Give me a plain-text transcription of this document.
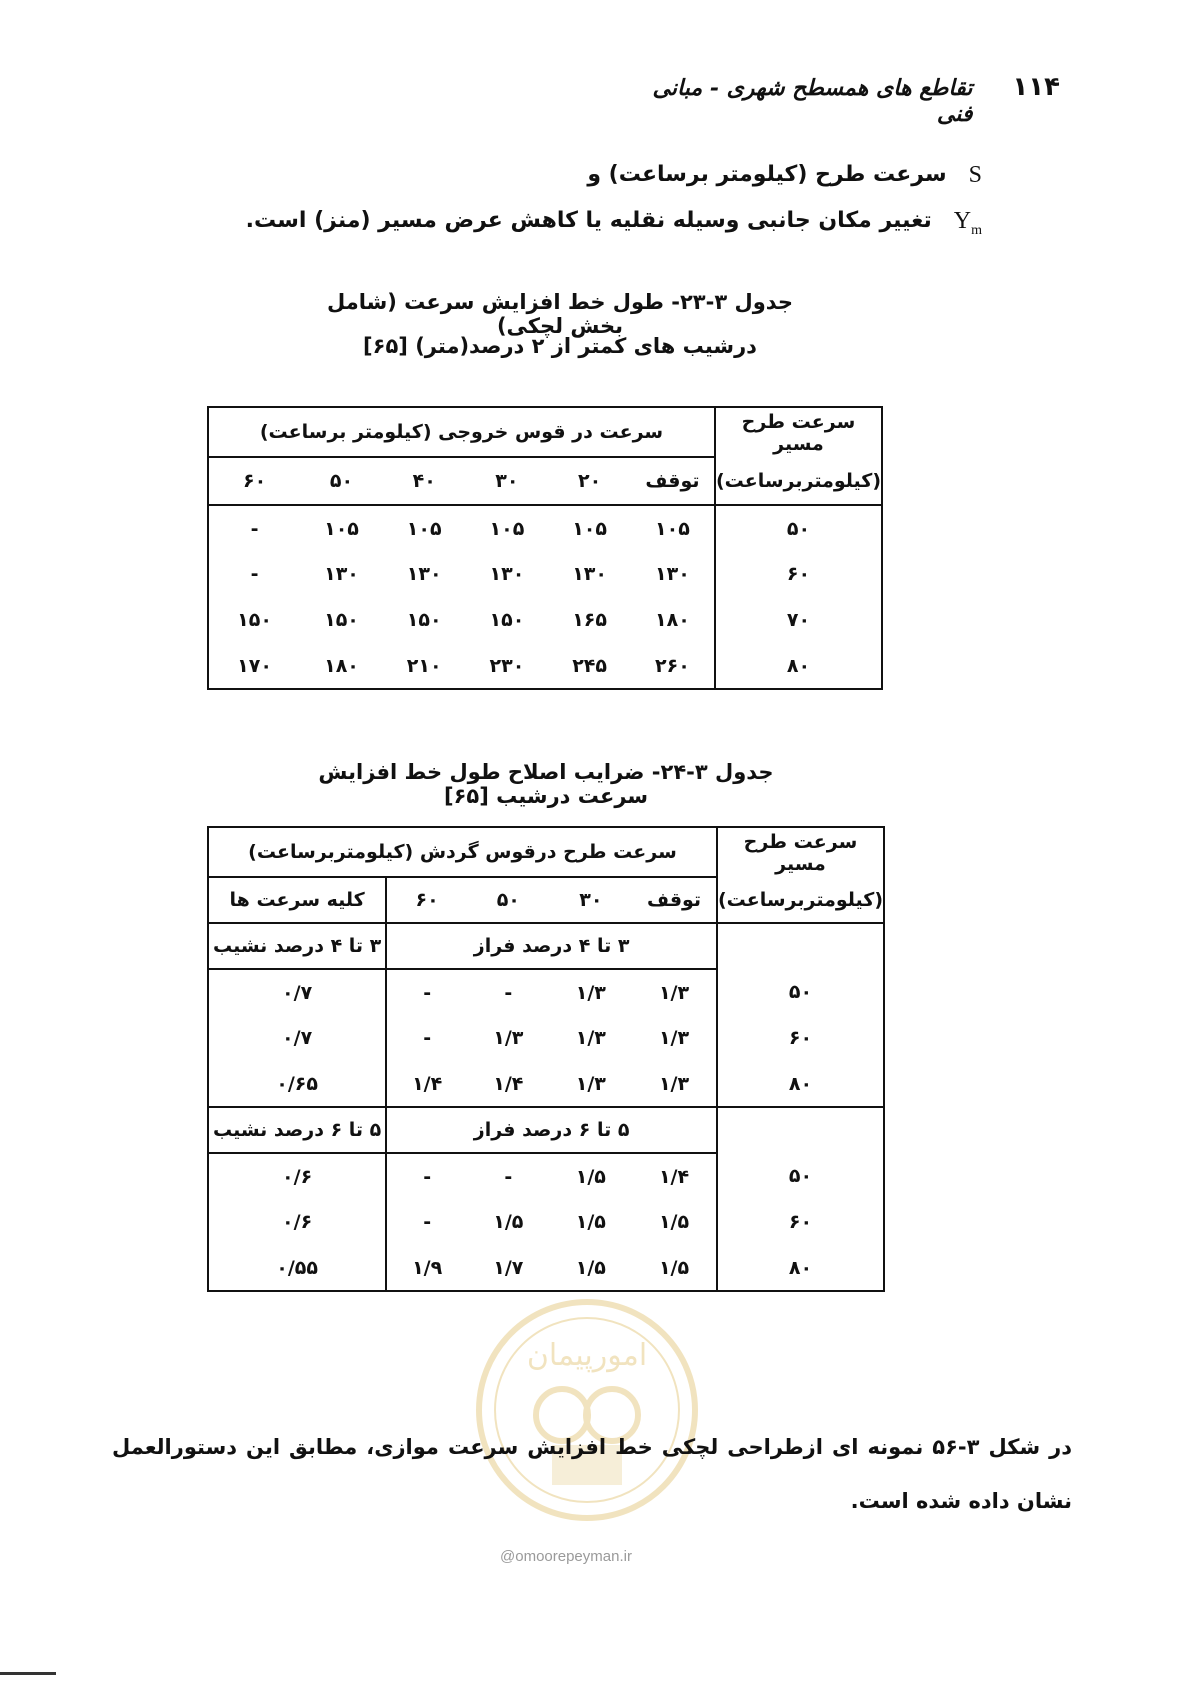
۱۱۴
تقاطع های همسطح شهری - مبانی فنی
S
سرعت طرح (کیلومتر برساعت) و
$Y_m$
تغییر مکان جانبی وسیله نقلیه یا کاهش عرض مسیر (منز) است.
جدول ۳-۲۳- طول خط افزایش سرعت (شامل بخش لچکی)
درشیب های کمتر از ۲ درصد(متر) [۶۵]
سرعت طرح مسیر	سرعت در قوس خروجی (کیلومتر برساعت)					
(کیلومتربرساعت)	توقف	۲۰	۳۰	۴۰	۵۰	۶۰
۵۰	۱۰۵	۱۰۵	۱۰۵	۱۰۵	۱۰۵	-
۶۰	۱۳۰	۱۳۰	۱۳۰	۱۳۰	۱۳۰	-
۷۰	۱۸۰	۱۶۵	۱۵۰	۱۵۰	۱۵۰	۱۵۰
۸۰	۲۶۰	۲۴۵	۲۳۰	۲۱۰	۱۸۰	۱۷۰
جدول ۳-۲۴- ضرایب اصلاح طول خط افزایش سرعت درشیب [۶۵]
سرعت طرح مسیر	سرعت طرح درقوس گردش (کیلومتربرساعت)				
(کیلومتربرساعت)	توقف	۳۰	۵۰	۶۰	کلیه سرعت ها
	۳ تا ۴ درصد فراز				۳ تا ۴ درصد نشیب
۵۰	۱/۳	۱/۳	-	-	۰/۷
۶۰	۱/۳	۱/۳	۱/۳	-	۰/۷
۸۰	۱/۳	۱/۳	۱/۴	۱/۴	۰/۶۵
	۵ تا ۶ درصد فراز				۵ تا ۶ درصد نشیب
۵۰	۱/۴	۱/۵	-	-	۰/۶
۶۰	۱/۵	۱/۵	۱/۵	-	۰/۶
۸۰	۱/۵	۱/۵	۱/۷	۱/۹	۰/۵۵
امورپیمان
@omoorepeyman.ir
در شکل ۳-۵۶ نمونه ای ازطراحی لچکی خط افزایش سرعت موازی، مطابق این دستورالعمل نشان داده شده است.
